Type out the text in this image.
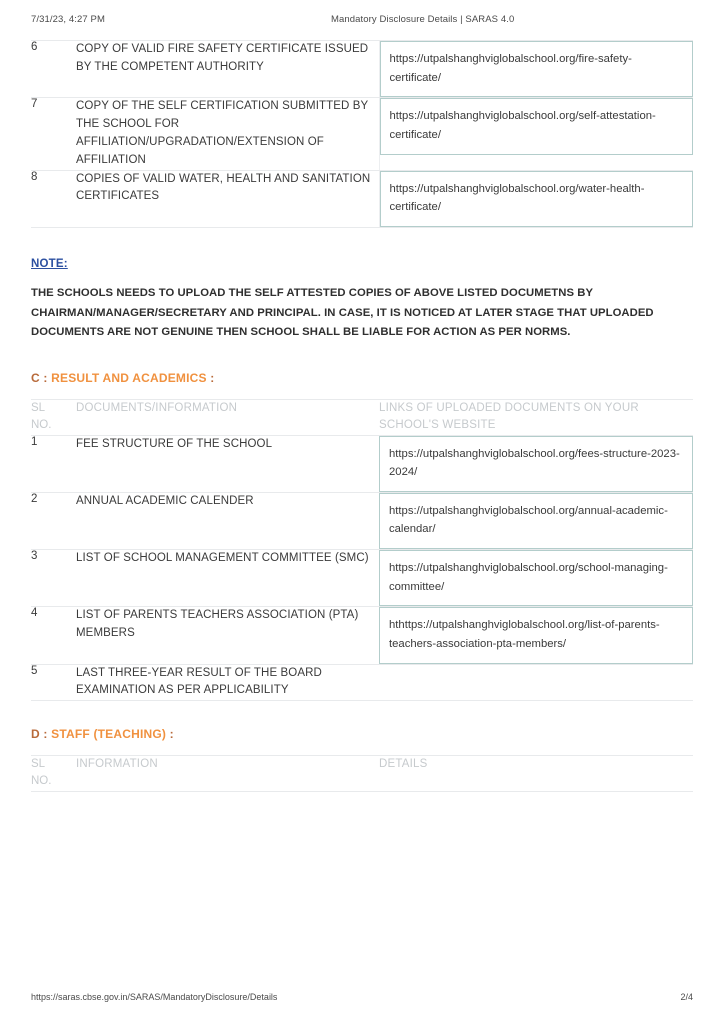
7/31/23, 4:27 PM	Mandatory Disclosure Details | SARAS 4.0
6	COPY OF VALID FIRE SAFETY CERTIFICATE ISSUED BY THE COMPETENT AUTHORITY	https://utpalshanghviglobalschool.org/fire-safety-certificate/

7	COPY OF THE SELF CERTIFICATION SUBMITTED BY THE SCHOOL FOR AFFILIATION/UPGRADATION/EXTENSION OF AFFILIATION	https://utpalshanghviglobalschool.org/self-attestation-certificate/

8	COPIES OF VALID WATER, HEALTH AND SANITATION CERTIFICATES	https://utpalshanghviglobalschool.org/water-health-certificate/
NOTE:
THE SCHOOLS NEEDS TO UPLOAD THE SELF ATTESTED COPIES OF ABOVE LISTED DOCUMETNS BY CHAIRMAN/MANAGER/SECRETARY AND PRINCIPAL. IN CASE, IT IS NOTICED AT LATER STAGE THAT UPLOADED DOCUMENTS ARE NOT GENUINE THEN SCHOOL SHALL BE LIABLE FOR ACTION AS PER NORMS.
C : RESULT AND ACADEMICS :
SL
NO.
	DOCUMENTS/INFORMATION	LINKS OF UPLOADED DOCUMENTS ON YOUR
SCHOOL'S WEBSITE

1	FEE STRUCTURE OF THE SCHOOL	https://utpalshanghviglobalschool.org/fees-structure-2023-2024/

2	ANNUAL ACADEMIC CALENDER	https://utpalshanghviglobalschool.org/annual-academic-calendar/

3	LIST OF SCHOOL MANAGEMENT COMMITTEE (SMC)	https://utpalshanghviglobalschool.org/school-managing-committee/

4	LIST OF PARENTS TEACHERS ASSOCIATION (PTA) MEMBERS	hthttps://utpalshanghviglobalschool.org/list-of-parents-teachers-association-pta-members/

5	LAST THREE-YEAR RESULT OF THE BOARD EXAMINATION AS PER APPLICABILITY	
D : STAFF (TEACHING) :
SL
NO.
	INFORMATION	DETAILS
https://saras.cbse.gov.in/SARAS/MandatoryDisclosure/Details	2/4
